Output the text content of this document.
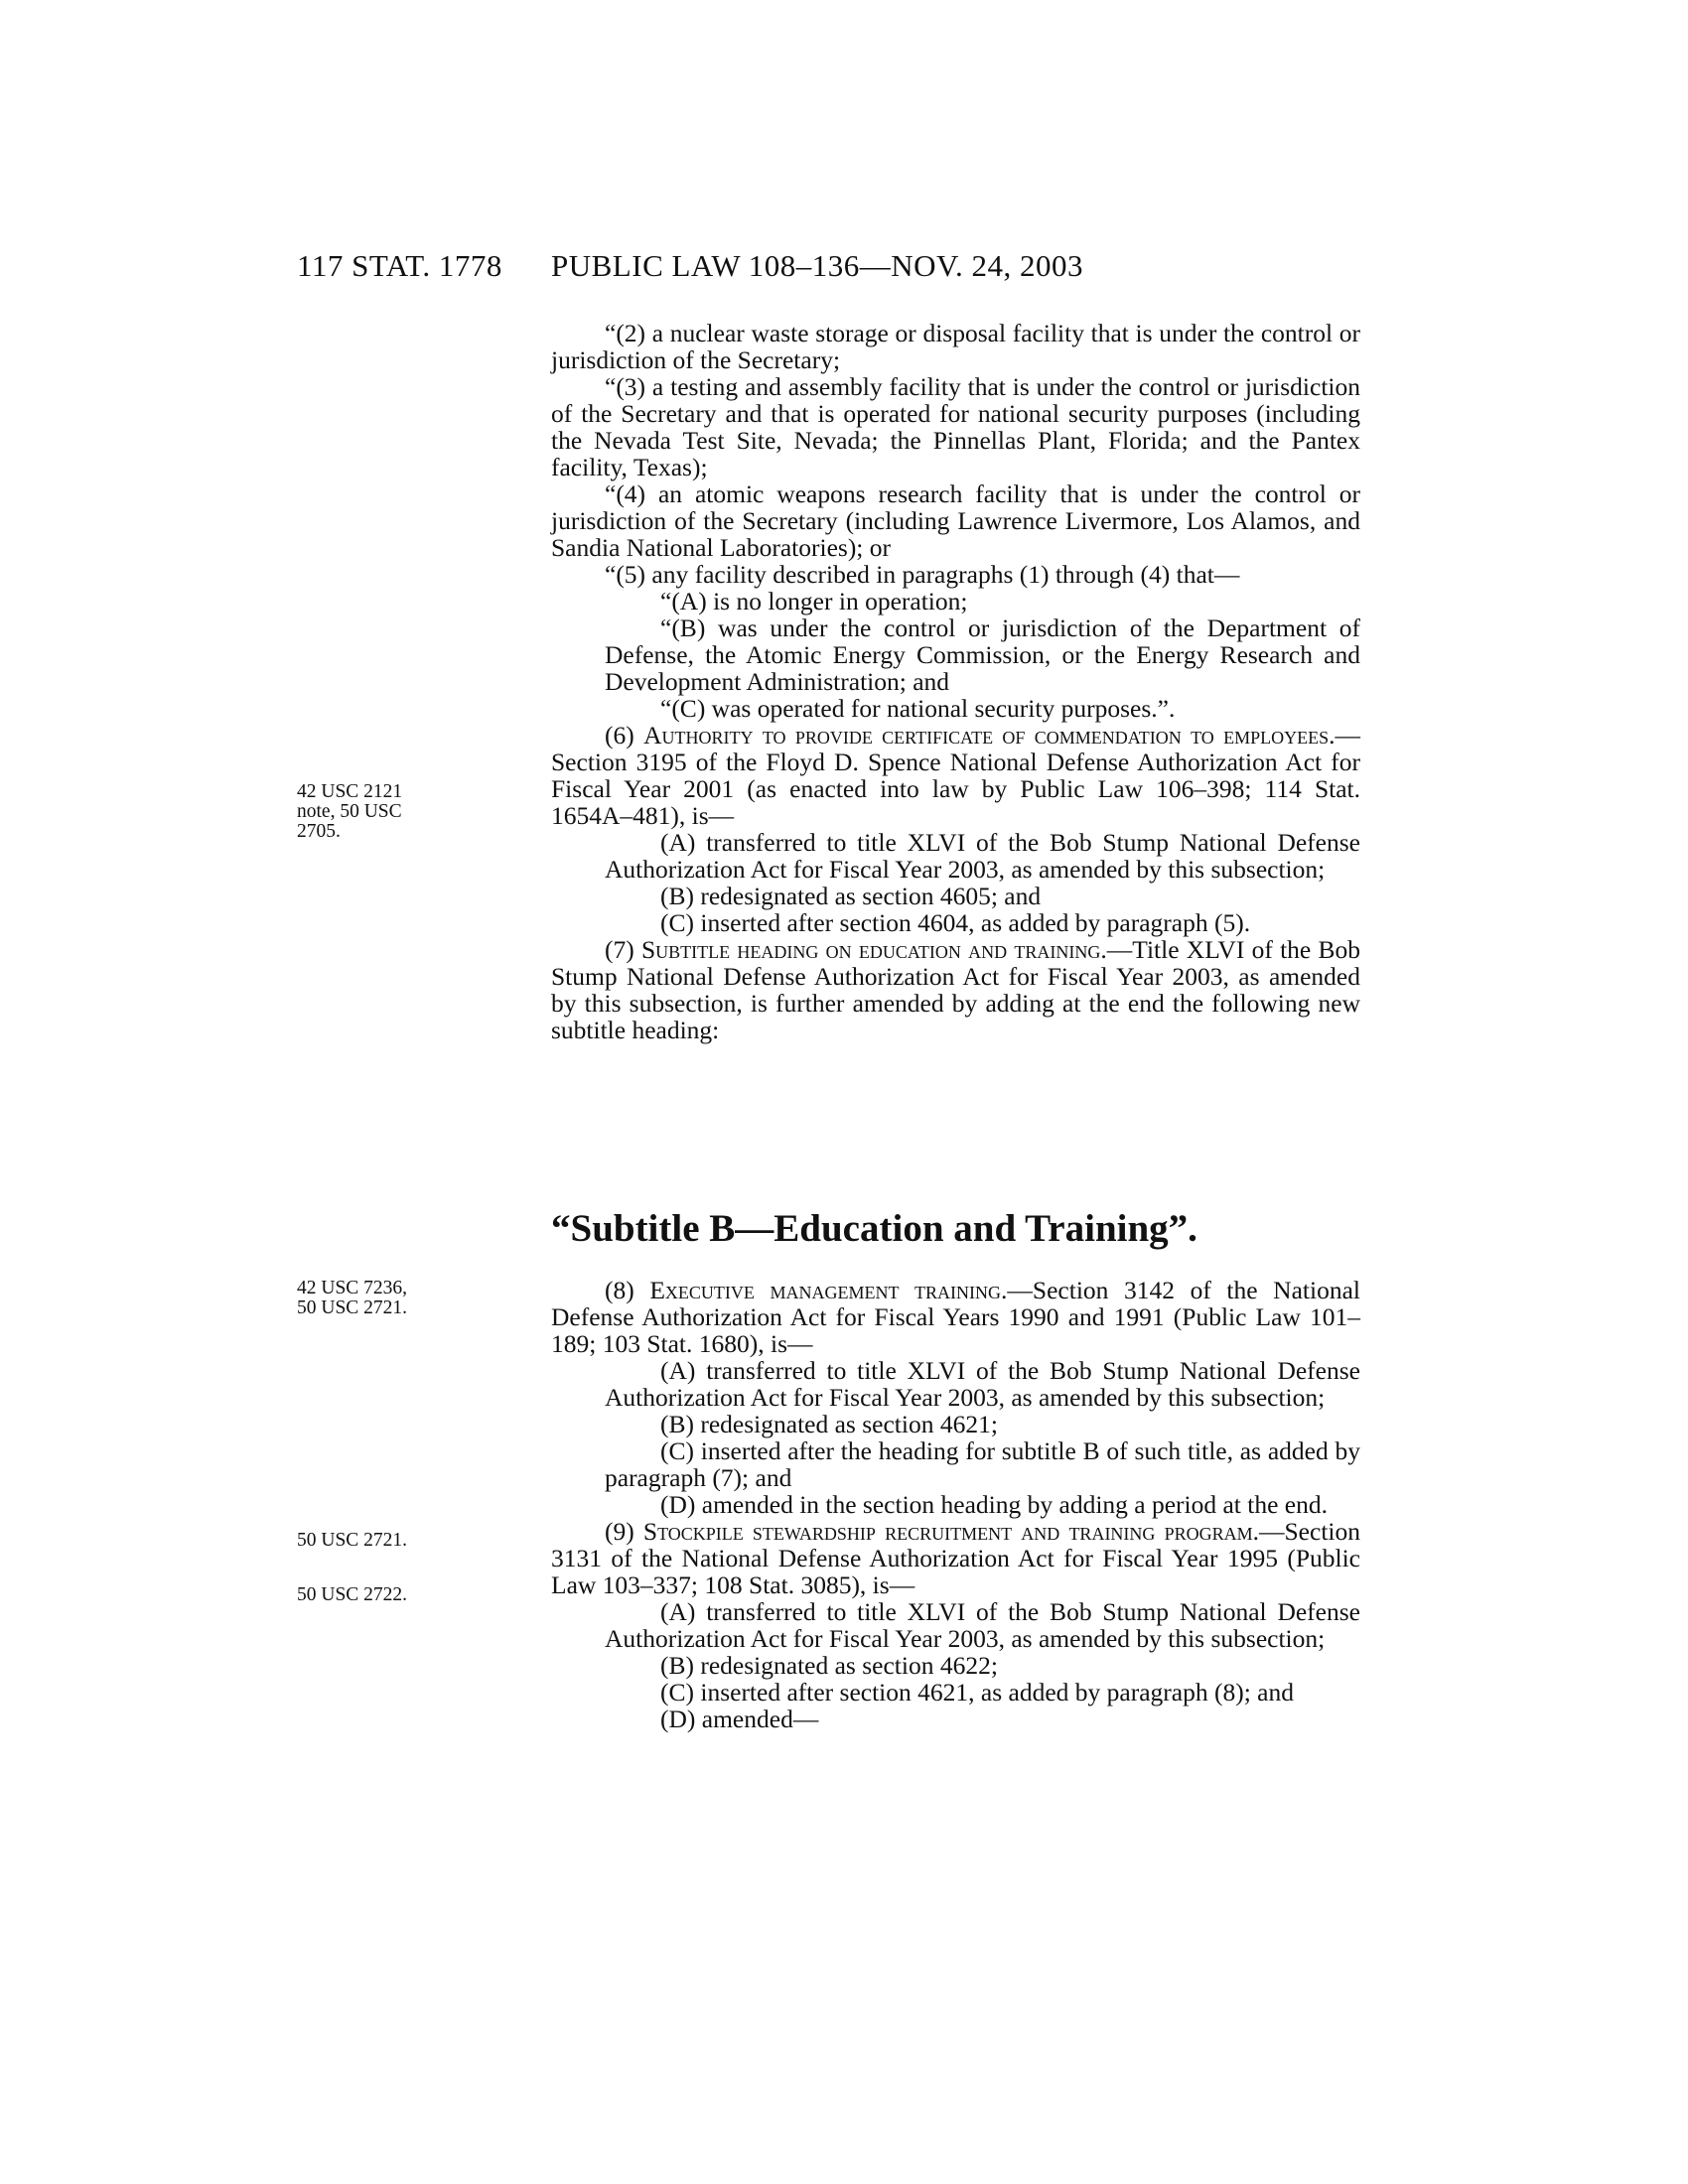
117 STAT. 1778 PUBLIC LAW 108–136—NOV. 24, 2003
42 USC 2121
note, 50 USC
2705.
42 USC 7236,
50 USC 2721.
50 USC 2721.
50 USC 2722.

“(2) a nuclear waste storage or disposal facility that is under the control or jurisdiction of the Secretary;

“(3) a testing and assembly facility that is under the control or jurisdiction of the Secretary and that is operated for national security purposes (including the Nevada Test Site, Nevada; the Pinnellas Plant, Florida; and the Pantex facility, Texas);

“(4) an atomic weapons research facility that is under the control or jurisdiction of the Secretary (including Lawrence Livermore, Los Alamos, and Sandia National Laboratories); or

“(5) any facility described in paragraphs (1) through (4) that—

“(A) is no longer in operation;

“(B) was under the control or jurisdiction of the Department of Defense, the Atomic Energy Commission, or the Energy Research and Development Administration; and

“(C) was operated for national security purposes.”.

(6) Authority to provide certificate of commendation to employees.—Section 3195 of the Floyd D. Spence National Defense Authorization Act for Fiscal Year 2001 (as enacted into law by Public Law 106–398; 114 Stat. 1654A–481), is—

(A) transferred to title XLVI of the Bob Stump National Defense Authorization Act for Fiscal Year 2003, as amended by this subsection;

(B) redesignated as section 4605; and

(C) inserted after section 4604, as added by paragraph (5).

(7) Subtitle heading on education and training.—Title XLVI of the Bob Stump National Defense Authorization Act for Fiscal Year 2003, as amended by this subsection, is further amended by adding at the end the following new subtitle heading:

“Subtitle B—Education and Training”.

(8) Executive management training.—Section 3142 of the National Defense Authorization Act for Fiscal Years 1990 and 1991 (Public Law 101–189; 103 Stat. 1680), is—

(A) transferred to title XLVI of the Bob Stump National Defense Authorization Act for Fiscal Year 2003, as amended by this subsection;

(B) redesignated as section 4621;

(C) inserted after the heading for subtitle B of such title, as added by paragraph (7); and

(D) amended in the section heading by adding a period at the end.

(9) Stockpile stewardship recruitment and training program.—Section 3131 of the National Defense Authorization Act for Fiscal Year 1995 (Public Law 103–337; 108 Stat. 3085), is—

(A) transferred to title XLVI of the Bob Stump National Defense Authorization Act for Fiscal Year 2003, as amended by this subsection;

(B) redesignated as section 4622;

(C) inserted after section 4621, as added by paragraph (8); and

(D) amended—
